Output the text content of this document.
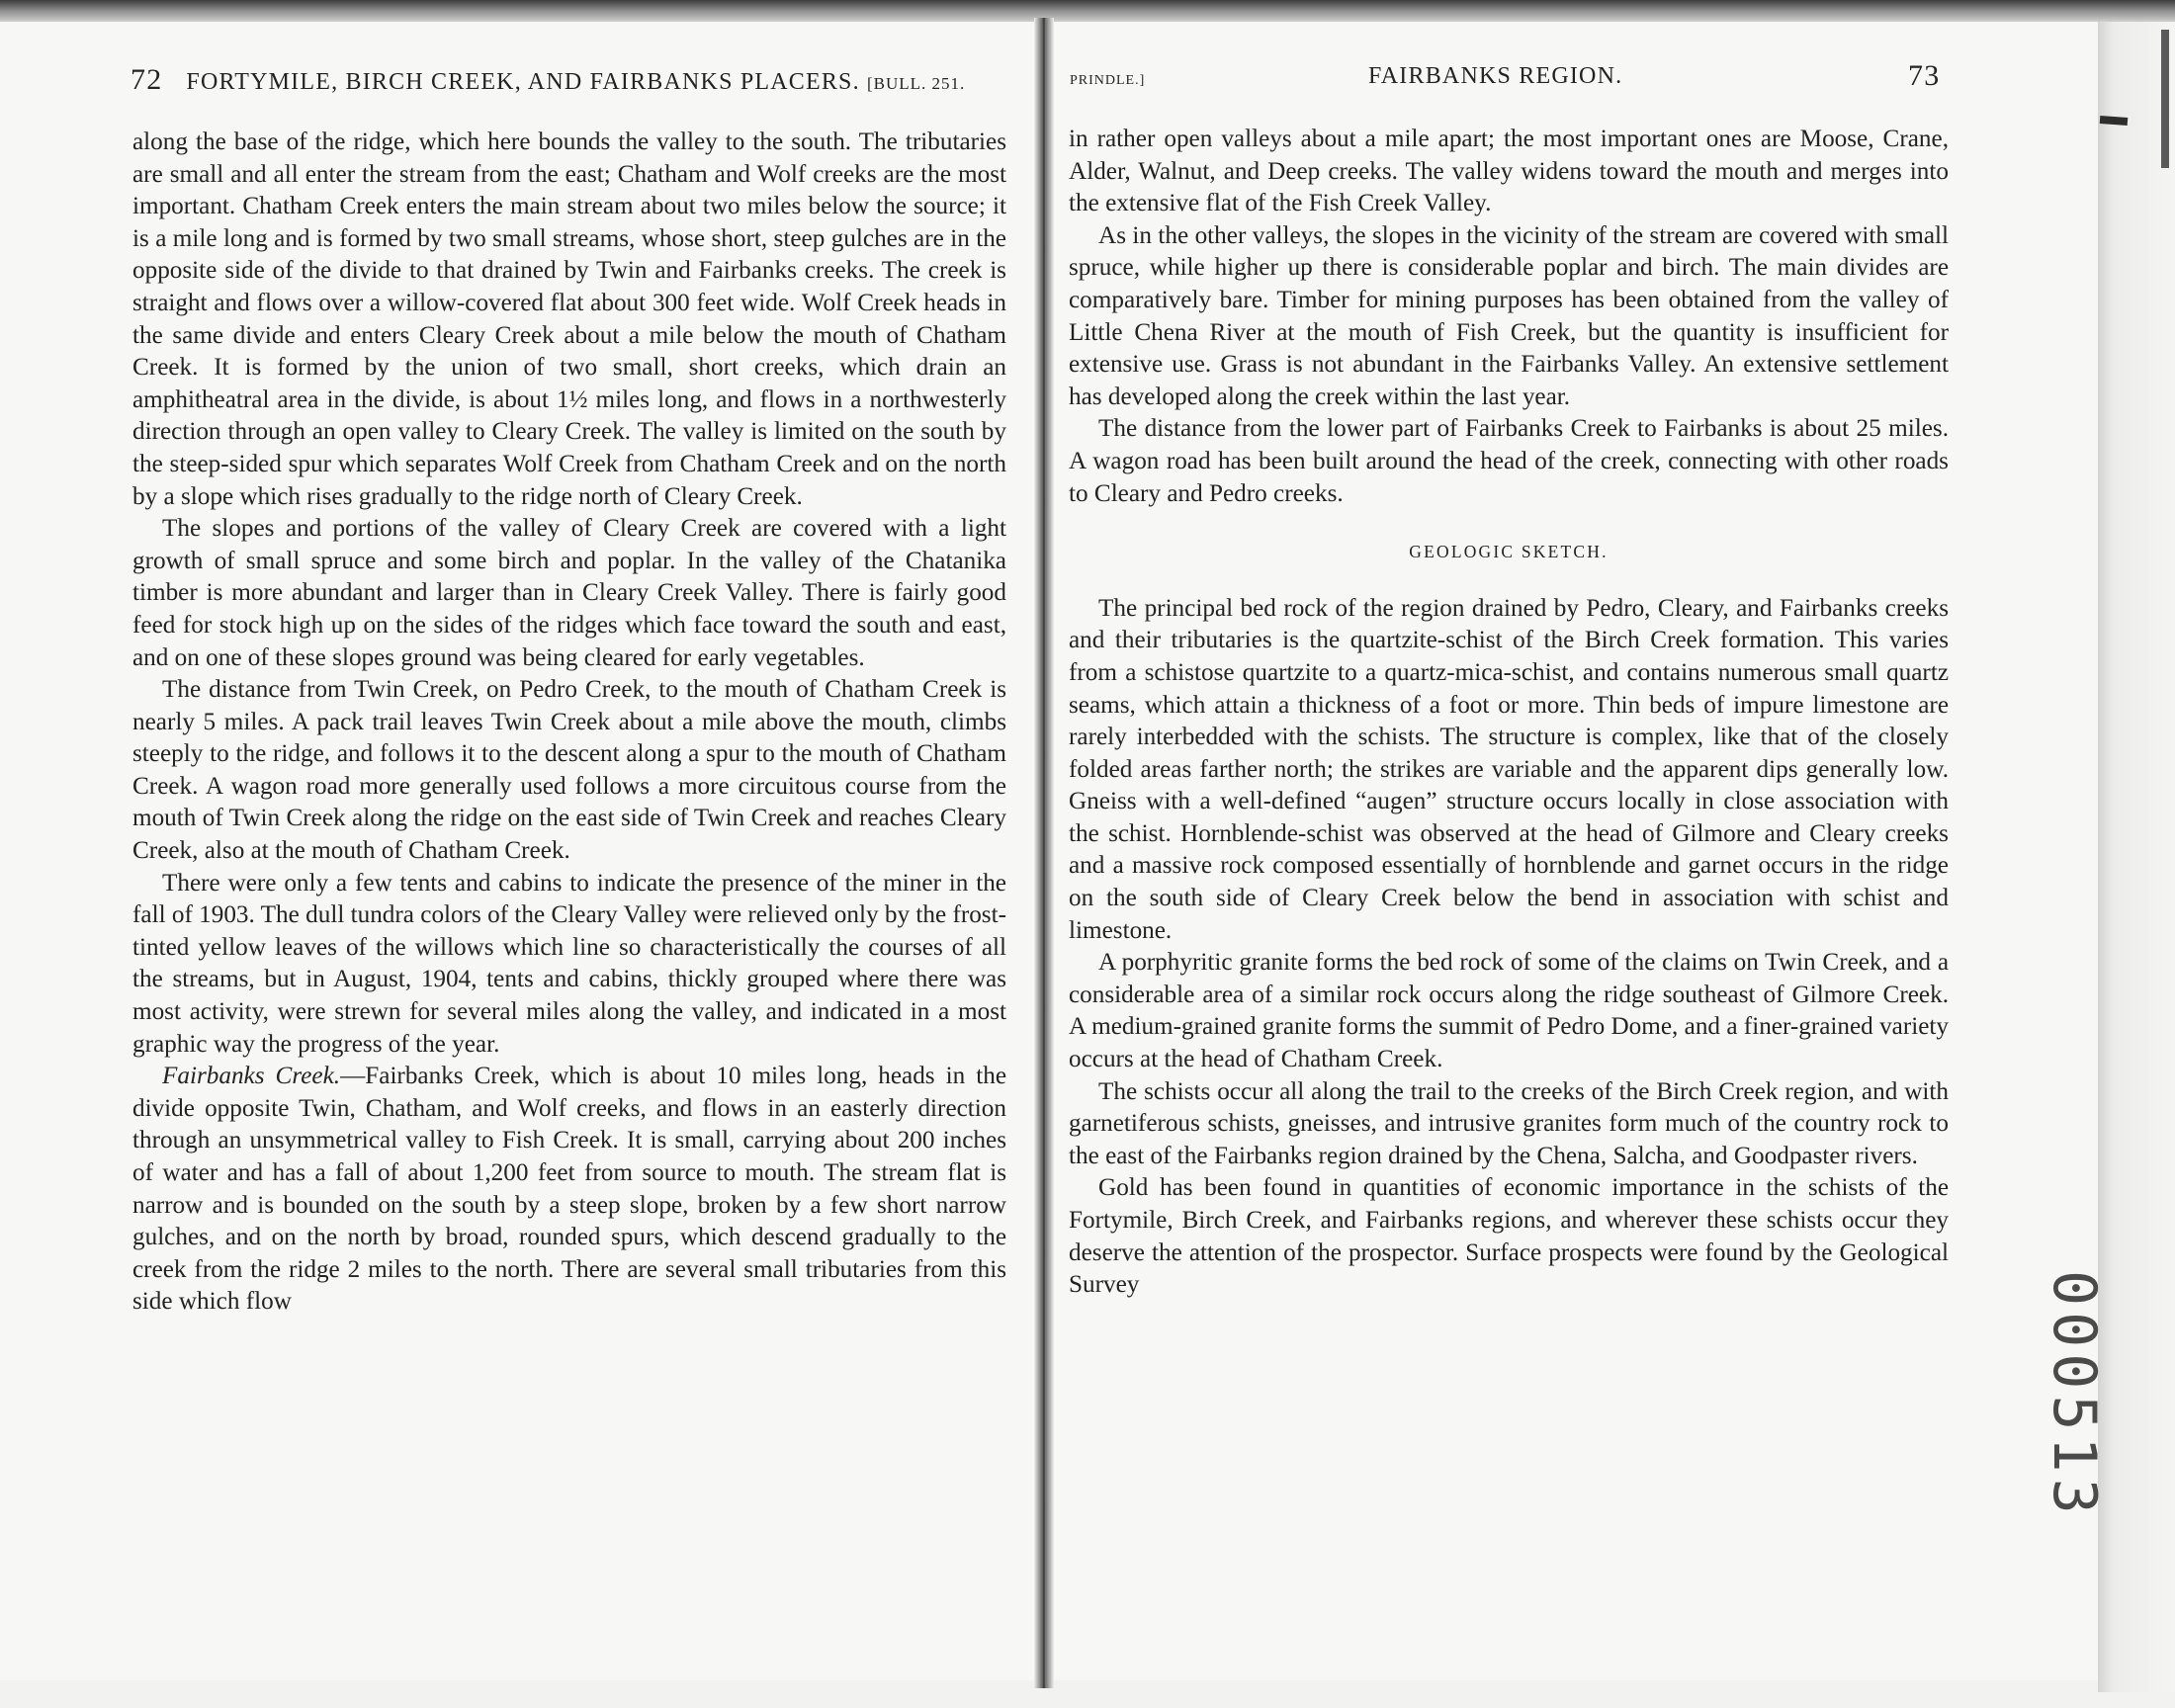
72 FORTYMILE, BIRCH CREEK, AND FAIRBANKS PLACERS. [BULL. 251.	PRINDLE.]	FAIRBANKS REGION.	73

along the base of the ridge, which here bounds the valley to the south. The tributaries are small and all enter the stream from the east; Chatham and Wolf creeks are the most important. Chatham Creek enters the main stream about two miles below the source; it is a mile long and is formed by two small streams, whose short, steep gulches are in the opposite side of the divide to that drained by Twin and Fairbanks creeks. The creek is straight and flows over a willow-covered flat about 300 feet wide. Wolf Creek heads in the same divide and enters Cleary Creek about a mile below the mouth of Chatham Creek. It is formed by the union of two small, short creeks, which drain an amphitheatral area in the divide, is about 1½ miles long, and flows in a northwesterly direction through an open valley to Cleary Creek. The valley is limited on the south by the steep-sided spur which separates Wolf Creek from Chatham Creek and on the north by a slope which rises gradually to the ridge north of Cleary Creek.

The slopes and portions of the valley of Cleary Creek are covered with a light growth of small spruce and some birch and poplar. In the valley of the Chatanika timber is more abundant and larger than in Cleary Creek Valley. There is fairly good feed for stock high up on the sides of the ridges which face toward the south and east, and on one of these slopes ground was being cleared for early vegetables.

The distance from Twin Creek, on Pedro Creek, to the mouth of Chatham Creek is nearly 5 miles. A pack trail leaves Twin Creek about a mile above the mouth, climbs steeply to the ridge, and follows it to the descent along a spur to the mouth of Chatham Creek. A wagon road more generally used follows a more circuitous course from the mouth of Twin Creek along the ridge on the east side of Twin Creek and reaches Cleary Creek, also at the mouth of Chatham Creek.

There were only a few tents and cabins to indicate the presence of the miner in the fall of 1903. The dull tundra colors of the Cleary Valley were relieved only by the frost-tinted yellow leaves of the willows which line so characteristically the courses of all the streams, but in August, 1904, tents and cabins, thickly grouped where there was most activity, were strewn for several miles along the valley, and indicated in a most graphic way the progress of the year.

Fairbanks Creek.—Fairbanks Creek, which is about 10 miles long, heads in the divide opposite Twin, Chatham, and Wolf creeks, and flows in an easterly direction through an unsymmetrical valley to Fish Creek. It is small, carrying about 200 inches of water and has a fall of about 1,200 feet from source to mouth. The stream flat is narrow and is bounded on the south by a steep slope, broken by a few short narrow gulches, and on the north by broad, rounded spurs, which descend gradually to the creek from the ridge 2 miles to the north. There are several small tributaries from this side which flow

in rather open valleys about a mile apart; the most important ones are Moose, Crane, Alder, Walnut, and Deep creeks. The valley widens toward the mouth and merges into the extensive flat of the Fish Creek Valley.

As in the other valleys, the slopes in the vicinity of the stream are covered with small spruce, while higher up there is considerable poplar and birch. The main divides are comparatively bare. Timber for mining purposes has been obtained from the valley of Little Chena River at the mouth of Fish Creek, but the quantity is insufficient for extensive use. Grass is not abundant in the Fairbanks Valley. An extensive settlement has developed along the creek within the last year.

The distance from the lower part of Fairbanks Creek to Fairbanks is about 25 miles. A wagon road has been built around the head of the creek, connecting with other roads to Cleary and Pedro creeks.

GEOLOGIC SKETCH.

The principal bed rock of the region drained by Pedro, Cleary, and Fairbanks creeks and their tributaries is the quartzite-schist of the Birch Creek formation. This varies from a schistose quartzite to a quartz-mica-schist, and contains numerous small quartz seams, which attain a thickness of a foot or more. Thin beds of impure limestone are rarely interbedded with the schists. The structure is complex, like that of the closely folded areas farther north; the strikes are variable and the apparent dips generally low. Gneiss with a well-defined “augen” structure occurs locally in close association with the schist. Hornblende-schist was observed at the head of Gilmore and Cleary creeks and a massive rock composed essentially of hornblende and garnet occurs in the ridge on the south side of Cleary Creek below the bend in association with schist and limestone.

A porphyritic granite forms the bed rock of some of the claims on Twin Creek, and a considerable area of a similar rock occurs along the ridge southeast of Gilmore Creek. A medium-grained granite forms the summit of Pedro Dome, and a finer-grained variety occurs at the head of Chatham Creek.

The schists occur all along the trail to the creeks of the Birch Creek region, and with garnetiferous schists, gneisses, and intrusive granites form much of the country rock to the east of the Fairbanks region drained by the Chena, Salcha, and Goodpaster rivers.

Gold has been found in quantities of economic importance in the schists of the Fortymile, Birch Creek, and Fairbanks regions, and wherever these schists occur they deserve the attention of the prospector. Surface prospects were found by the Geological Survey	000513
